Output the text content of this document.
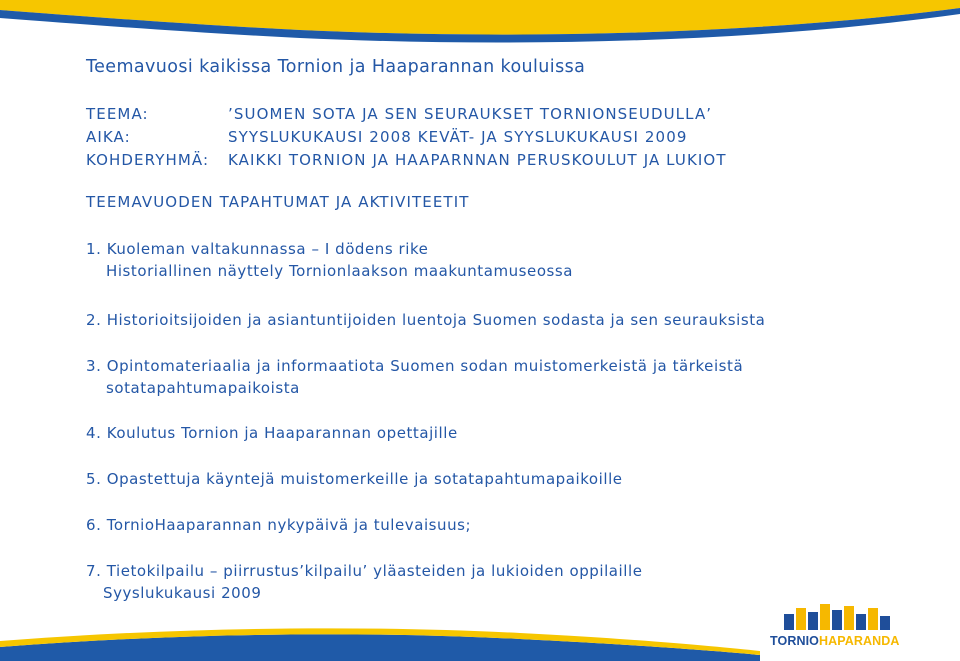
Teemavuosi kaikissa Tornion ja Haaparannan kouluissa
TEEMA:	’SUOMEN SOTA JA SEN SEURAUKSET TORNIONSEUDULLA’
AIKA:	SYYSLUKUKAUSI 2008 KEVÄT- JA SYYSLUKUKAUSI 2009
KOHDERYHMÄ: KAIKKI TORNION JA HAAPARNNAN PERUSKOULUT JA LUKIOT
TEEMAVUODEN TAPAHTUMAT JA AKTIVITEETIT
1. Kuoleman valtakunnassa – I dödens rike
Historiallinen näyttely Tornionlaakson maakuntamuseossa
2. Historioitsijoiden ja asiantuntijoiden luentoja Suomen sodasta ja sen seurauksista
3. Opintomateriaalia ja informaatiota Suomen sodan muistomerkeistä ja tärkeistä
sotatapahtumapaikoista
4. Koulutus Tornion ja Haaparannan opettajille
5. Opastettuja käyntejä muistomerkeille ja sotatapahtumapaikoille
6. TornioHaaparannan nykypäivä ja tulevaisuus;
7. Tietokilpailu – piirrustus’kilpailu’ yläasteiden ja lukioiden oppilaille
Syyslukukausi 2009
TORNIOHAPARANDA
